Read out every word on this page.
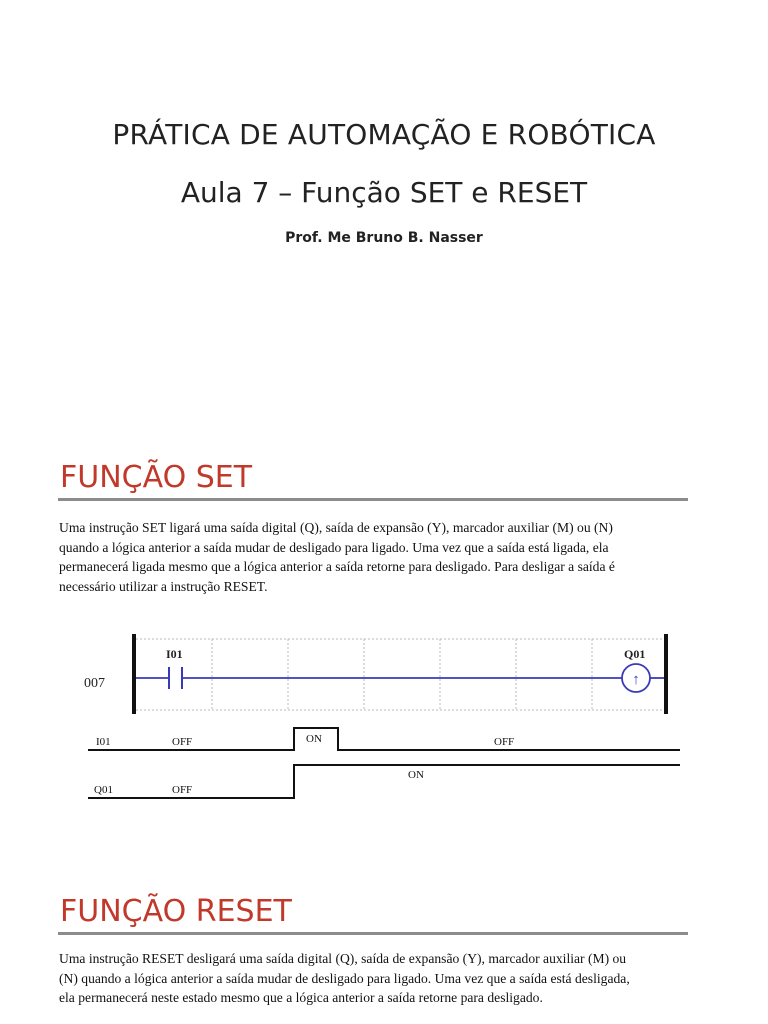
PRÁTICA DE AUTOMAÇÃO E ROBÓTICA
Aula 7 – Função SET e RESET
Prof. Me Bruno B. Nasser
FUNÇÃO SET

Uma instrução SET ligará uma saída digital (Q), saída de expansão (Y), marcador auxiliar (M) ou (N)

quando a lógica anterior a saída mudar de desligado para ligado. Uma vez que a saída está ligada, ela

permanecerá ligada mesmo que a lógica anterior a saída retorne para desligado. Para desligar a saída é

necessário utilizar a instrução RESET.

007
I01
↑
Q01
I01	OFF	ON	OFF
Q01	OFF
ON
FUNÇÃO RESET

Uma instrução RESET desligará uma saída digital (Q), saída de expansão (Y), marcador auxiliar (M) ou

(N) quando a lógica anterior a saída mudar de desligado para ligado. Uma vez que a saída está desligada,

ela permanecerá neste estado mesmo que a lógica anterior a saída retorne para desligado.
